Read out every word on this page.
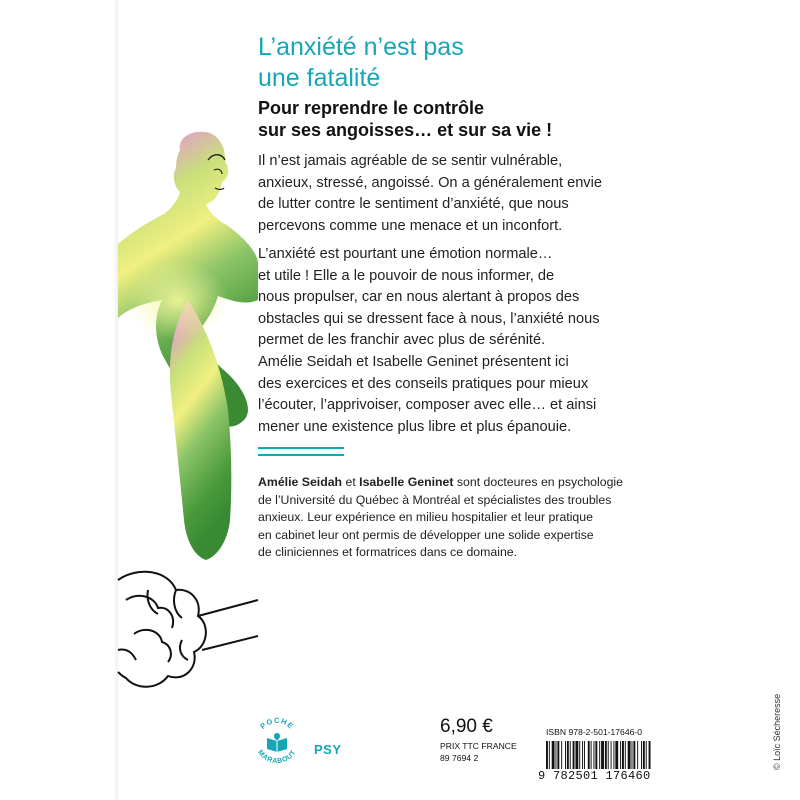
L’anxiété n’est pas
une fatalité
Pour reprendre le contrôle
sur ses angoisses… et sur sa vie !

Il n’est jamais agréable de se sentir vulnérable,
anxieux, stressé, angoissé. On a généralement envie
de lutter contre le sentiment d’anxiété, que nous
percevons comme une menace et un inconfort.

L’anxiété est pourtant une émotion normale…
et utile ! Elle a le pouvoir de nous informer, de
nous propulser, car en nous alertant à propos des
obstacles qui se dressent face à nous, l’anxiété nous
permet de les franchir avec plus de sérénité.

Amélie Seidah et Isabelle Geninet présentent ici
des exercices et des conseils pratiques pour mieux
l’écouter, l’apprivoiser, composer avec elle… et ainsi
mener une existence plus libre et plus épanouie.

Amélie Seidah et Isabelle Geninet sont docteures en psychologie
de l’Université du Québec à Montréal et spécialistes des troubles
anxieux. Leur expérience en milieu hospitalier et leur pratique
en cabinet leur ont permis de développer une solide expertise
de cliniciennes et formatrices dans ce domaine.

POCHE
MARABOUT PSY
6,90 €
PRIX TTC FRANCE
89 7694 2
ISBN 978-2-501-17646-0
9 782501 176460
© Loïc Sécheresse
